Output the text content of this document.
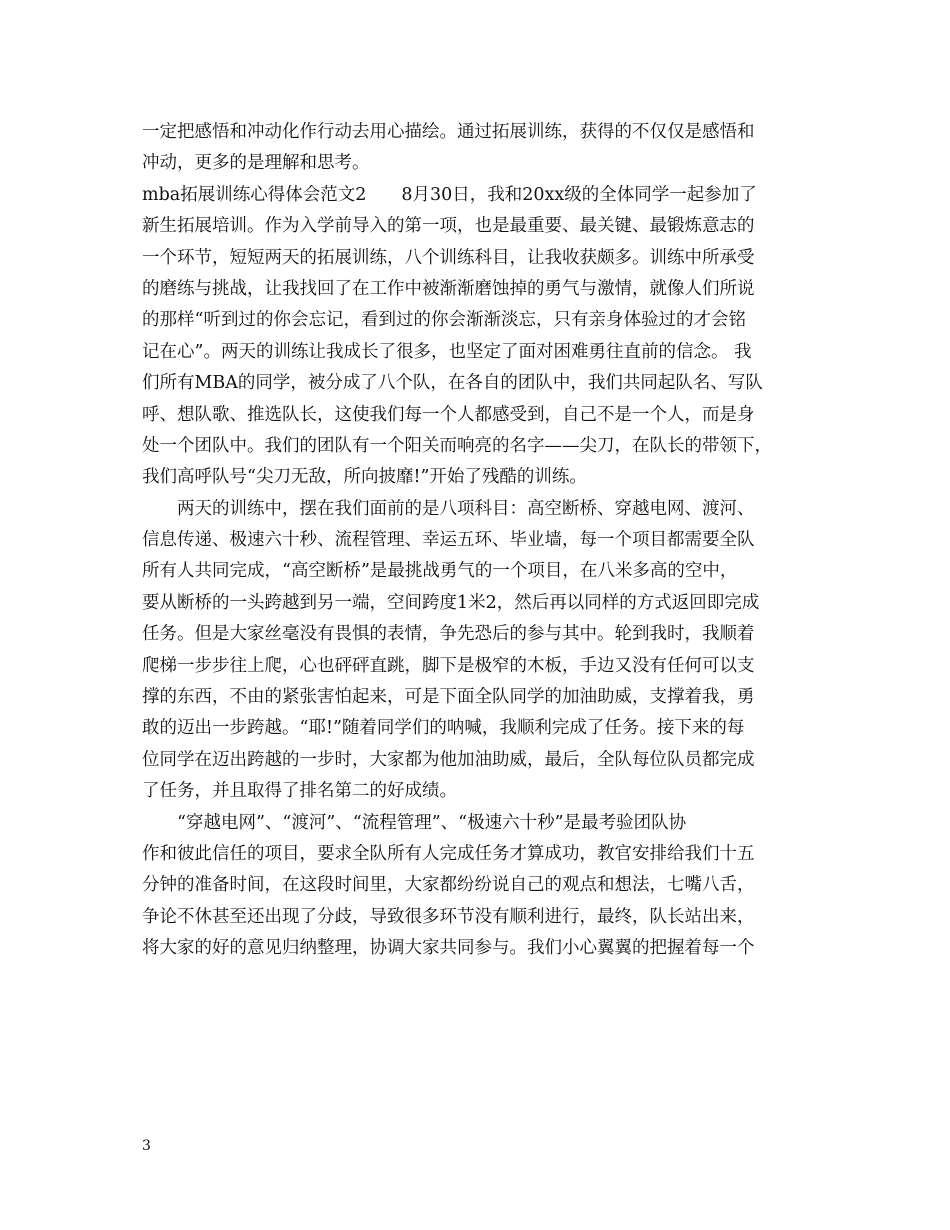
一定把感悟和冲动化作行动去用心描绘。通过拓展训练，获得的不仅仅是感悟和
冲动，更多的是理解和思考。
mba拓展训练心得体会范文2　　8月30日，我和20xx级的全体同学一起参加了
新生拓展培训。作为入学前导入的第一项，也是最重要、最关键、最锻炼意志的
一个环节，短短两天的拓展训练，八个训练科目，让我收获颇多。训练中所承受
的磨练与挑战，让我找回了在工作中被渐渐磨蚀掉的勇气与激情，就像人们所说
的那样“听到过的你会忘记，看到过的你会渐渐淡忘，只有亲身体验过的才会铭
记在心”。两天的训练让我成长了很多，也坚定了面对困难勇往直前的信念。 我
们所有MBA的同学，被分成了八个队，在各自的团队中，我们共同起队名、写队
呼、想队歌、推选队长，这使我们每一个人都感受到，自己不是一个人，而是身
处一个团队中。我们的团队有一个阳关而响亮的名字——尖刀，在队长的带领下，
我们高呼队号“尖刀无敌，所向披靡!”开始了残酷的训练。
两天的训练中，摆在我们面前的是八项科目：高空断桥、穿越电网、渡河、
信息传递、极速六十秒、流程管理、幸运五环、毕业墙，每一个项目都需要全队
所有人共同完成，“高空断桥”是最挑战勇气的一个项目，在八米多高的空中，
要从断桥的一头跨越到另一端，空间跨度1米2，然后再以同样的方式返回即完成
任务。但是大家丝毫没有畏惧的表情，争先恐后的参与其中。轮到我时，我顺着
爬梯一步步往上爬，心也砰砰直跳，脚下是极窄的木板，手边又没有任何可以支
撑的东西，不由的紧张害怕起来，可是下面全队同学的加油助威，支撑着我，勇
敢的迈出一步跨越。“耶!”随着同学们的呐喊，我顺利完成了任务。接下来的每
位同学在迈出跨越的一步时，大家都为他加油助威，最后，全队每位队员都完成
了任务，并且取得了排名第二的好成绩。
“穿越电网”、“渡河”、“流程管理”、“极速六十秒”是最考验团队协
作和彼此信任的项目，要求全队所有人完成任务才算成功，教官安排给我们十五
分钟的准备时间，在这段时间里，大家都纷纷说自己的观点和想法，七嘴八舌，
争论不休甚至还出现了分歧，导致很多环节没有顺利进行，最终，队长站出来，
将大家的好的意见归纳整理，协调大家共同参与。我们小心翼翼的把握着每一个
3
